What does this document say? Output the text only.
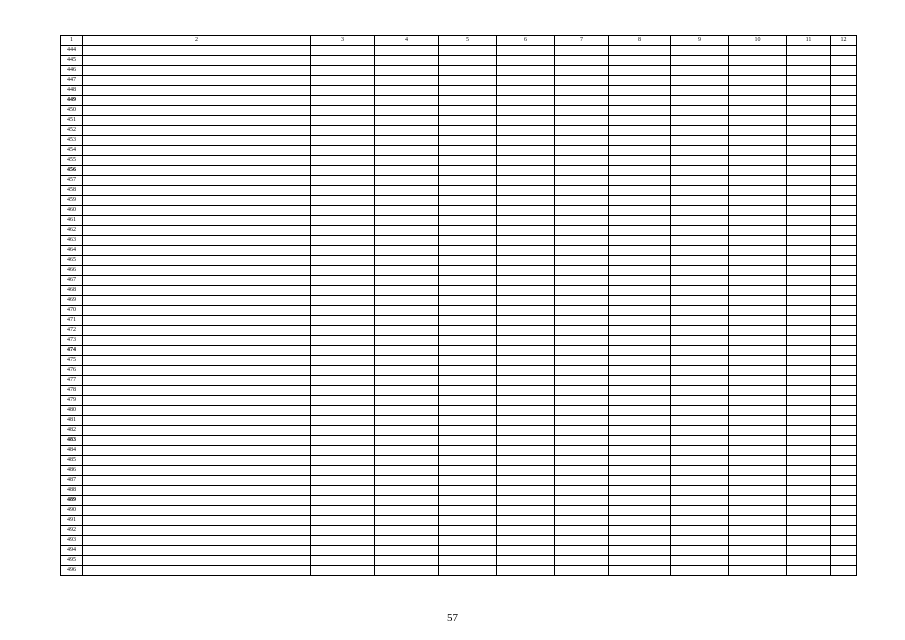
1	2	3	4	5	6	7	8	9	10	11	12
444											
445											
446											
447											
448											
449											
450											
451											
452											
453											
454											
455											
456											
457											
458											
459											
460											
461											
462											
463											
464											
465											
466											
467											
468											
469											
470											
471											
472											
473											
474											
475											
476											
477											
478											
479											
480											
481											
482											
483											
484											
485											
486											
487											
488											
489											
490											
491											
492											
493											
494											
495											
496											
57
